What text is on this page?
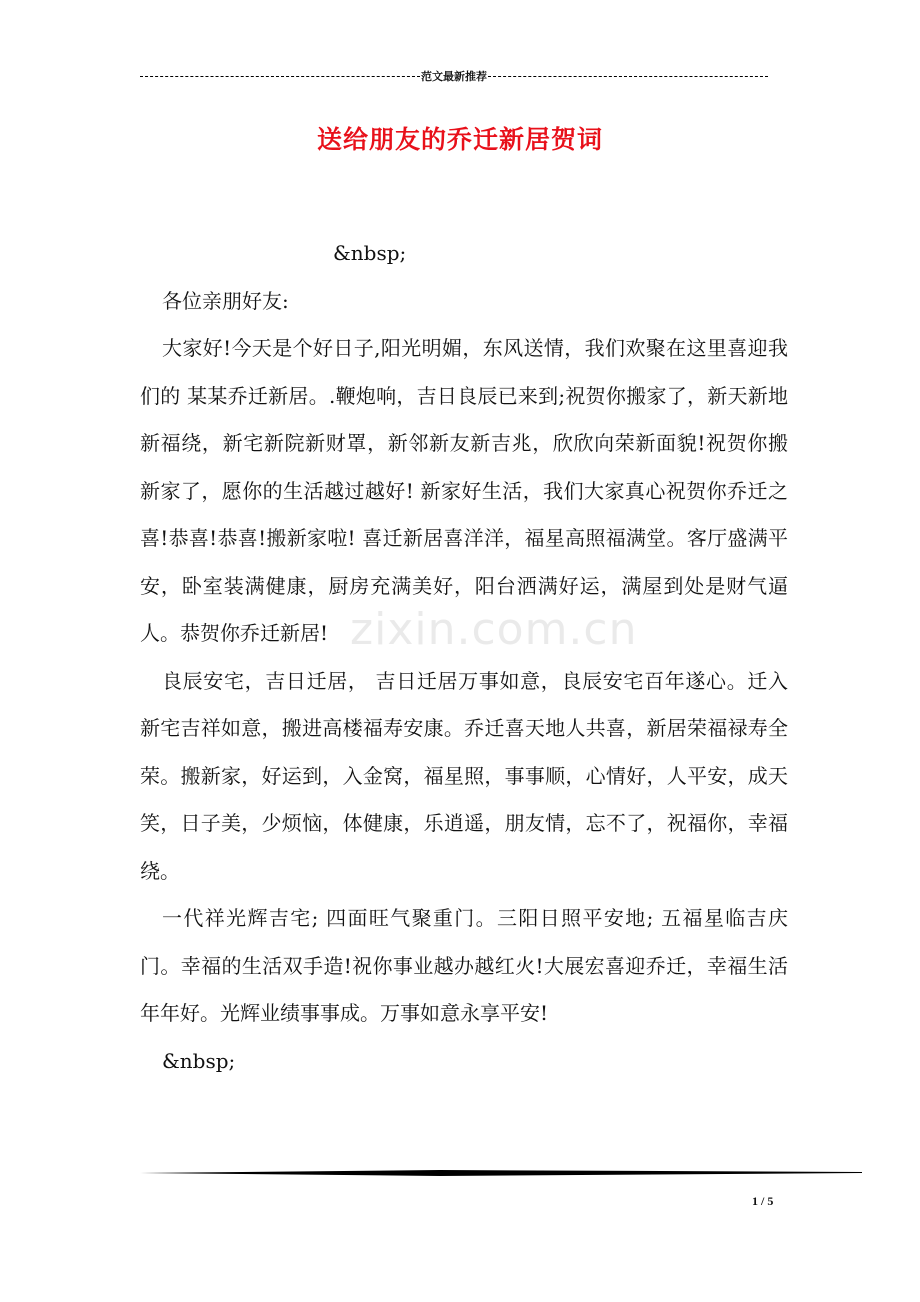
范文最新推荐
送给朋友的乔迁新居贺词

&nbsp;

各位亲朋好友:

大家好!今天是个好日子,阳光明媚，东风送情，我们欢聚在这里喜迎我们的 某某乔迁新居。.鞭炮响，吉日良辰已来到;祝贺你搬家了，新天新地新福绕，新宅新院新财罩，新邻新友新吉兆，欣欣向荣新面貌!祝贺你搬新家了，愿你的生活越过越好! 新家好生活，我们大家真心祝贺你乔迁之喜!恭喜!恭喜!搬新家啦! 喜迁新居喜洋洋，福星高照福满堂。客厅盛满平安，卧室装满健康，厨房充满美好，阳台洒满好运，满屋到处是财气逼人。恭贺你乔迁新居!

良辰安宅，吉日迁居， 吉日迁居万事如意，良辰安宅百年遂心。迁入新宅吉祥如意，搬进高楼福寿安康。乔迁喜天地人共喜，新居荣福禄寿全荣。搬新家，好运到，入金窝，福星照，事事顺，心情好，人平安，成天笑，日子美，少烦恼，体健康，乐逍遥，朋友情，忘不了，祝福你，幸福绕。

一代祥光辉吉宅; 四面旺气聚重门。三阳日照平安地; 五福星临吉庆门。幸福的生活双手造!祝你事业越办越红火!大展宏喜迎乔迁，幸福生活年年好。光辉业绩事事成。万事如意永享平安!

&nbsp;

zixin.com.cn
1 / 5
